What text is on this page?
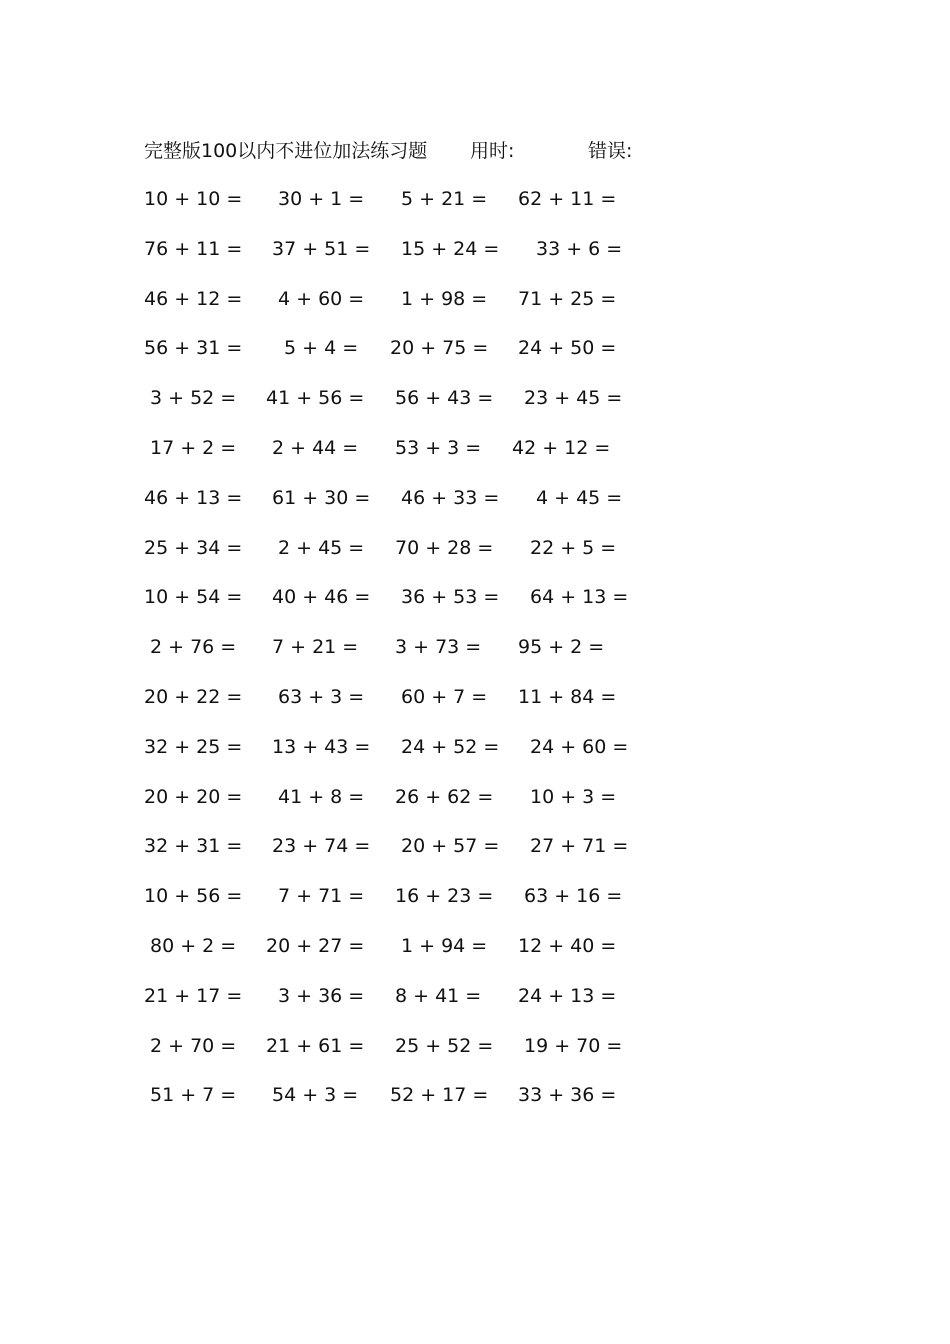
完整版100以内不进位加法练习题 用时:	错误:
10 + 10 = 30 + 1 = 5 + 21 = 62 + 11 =
76 + 11 = 37 + 51 = 15 + 24 = 33 + 6 =
46 + 12 = 4 + 60 = 1 + 98 = 71 + 25 =
56 + 31 = 5 + 4 = 20 + 75 = 24 + 50 =
3 + 52 = 41 + 56 = 56 + 43 = 23 + 45 =
17 + 2 = 2 + 44 = 53 + 3 = 42 + 12 =
46 + 13 = 61 + 30 = 46 + 33 = 4 + 45 =
25 + 34 = 2 + 45 = 70 + 28 = 22 + 5 =
10 + 54 = 40 + 46 = 36 + 53 = 64 + 13 =
2 + 76 = 7 + 21 = 3 + 73 = 95 + 2 =
20 + 22 = 63 + 3 = 60 + 7 = 11 + 84 =
32 + 25 = 13 + 43 = 24 + 52 = 24 + 60 =
20 + 20 = 41 + 8 = 26 + 62 = 10 + 3 =
32 + 31 = 23 + 74 = 20 + 57 = 27 + 71 =
10 + 56 = 7 + 71 = 16 + 23 = 63 + 16 =
80 + 2 = 20 + 27 = 1 + 94 = 12 + 40 =
21 + 17 = 3 + 36 = 8 + 41 = 24 + 13 =
2 + 70 = 21 + 61 = 25 + 52 = 19 + 70 =
51 + 7 = 54 + 3 = 52 + 17 = 33 + 36 =
